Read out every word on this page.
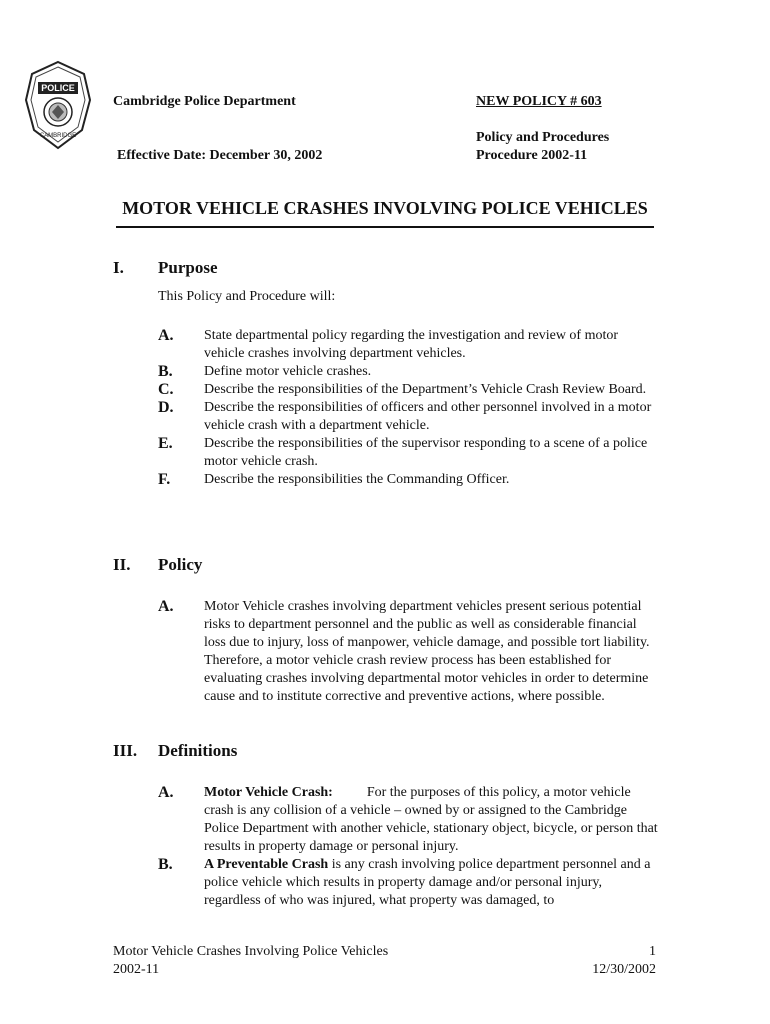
POLICE
CAMBRIDGE
Cambridge Police Department	NEW POLICY # 603
Policy and Procedures
Procedure 2002-11
Effective Date: December 30, 2002
MOTOR VEHICLE CRASHES INVOLVING POLICE VEHICLES
I. Purpose
This Policy and Procedure will:
A.	State departmental policy regarding the investigation and review of motor vehicle crashes involving department vehicles.
B.	Define motor vehicle crashes.
C.	Describe the responsibilities of the Department’s Vehicle Crash Review Board.
D.	Describe the responsibilities of officers and other personnel involved in a motor vehicle crash with a department vehicle.
E.	Describe the responsibilities of the supervisor responding to a scene of a police motor vehicle crash.
F.	Describe the responsibilities the Commanding Officer.
II. Policy
A.	Motor Vehicle crashes involving department vehicles present serious potential risks to department personnel and the public as well as considerable financial loss due to injury, loss of manpower, vehicle damage, and possible tort liability. Therefore, a motor vehicle crash review process has been established for evaluating crashes involving departmental motor vehicles in order to determine cause and to institute corrective and preventive actions, where possible.
III. Definitions
A.	Motor Vehicle Crash: For the purposes of this policy, a motor vehicle crash is any collision of a vehicle – owned by or assigned to the Cambridge Police Department with another vehicle, stationary object, bicycle, or person that results in property damage or personal injury.
B.	A Preventable Crash is any crash involving police department personnel and a police vehicle which results in property damage and/or personal injury, regardless of who was injured, what property was damaged, to
Motor Vehicle Crashes Involving Police Vehicles
2002-11
1
12/30/2002
